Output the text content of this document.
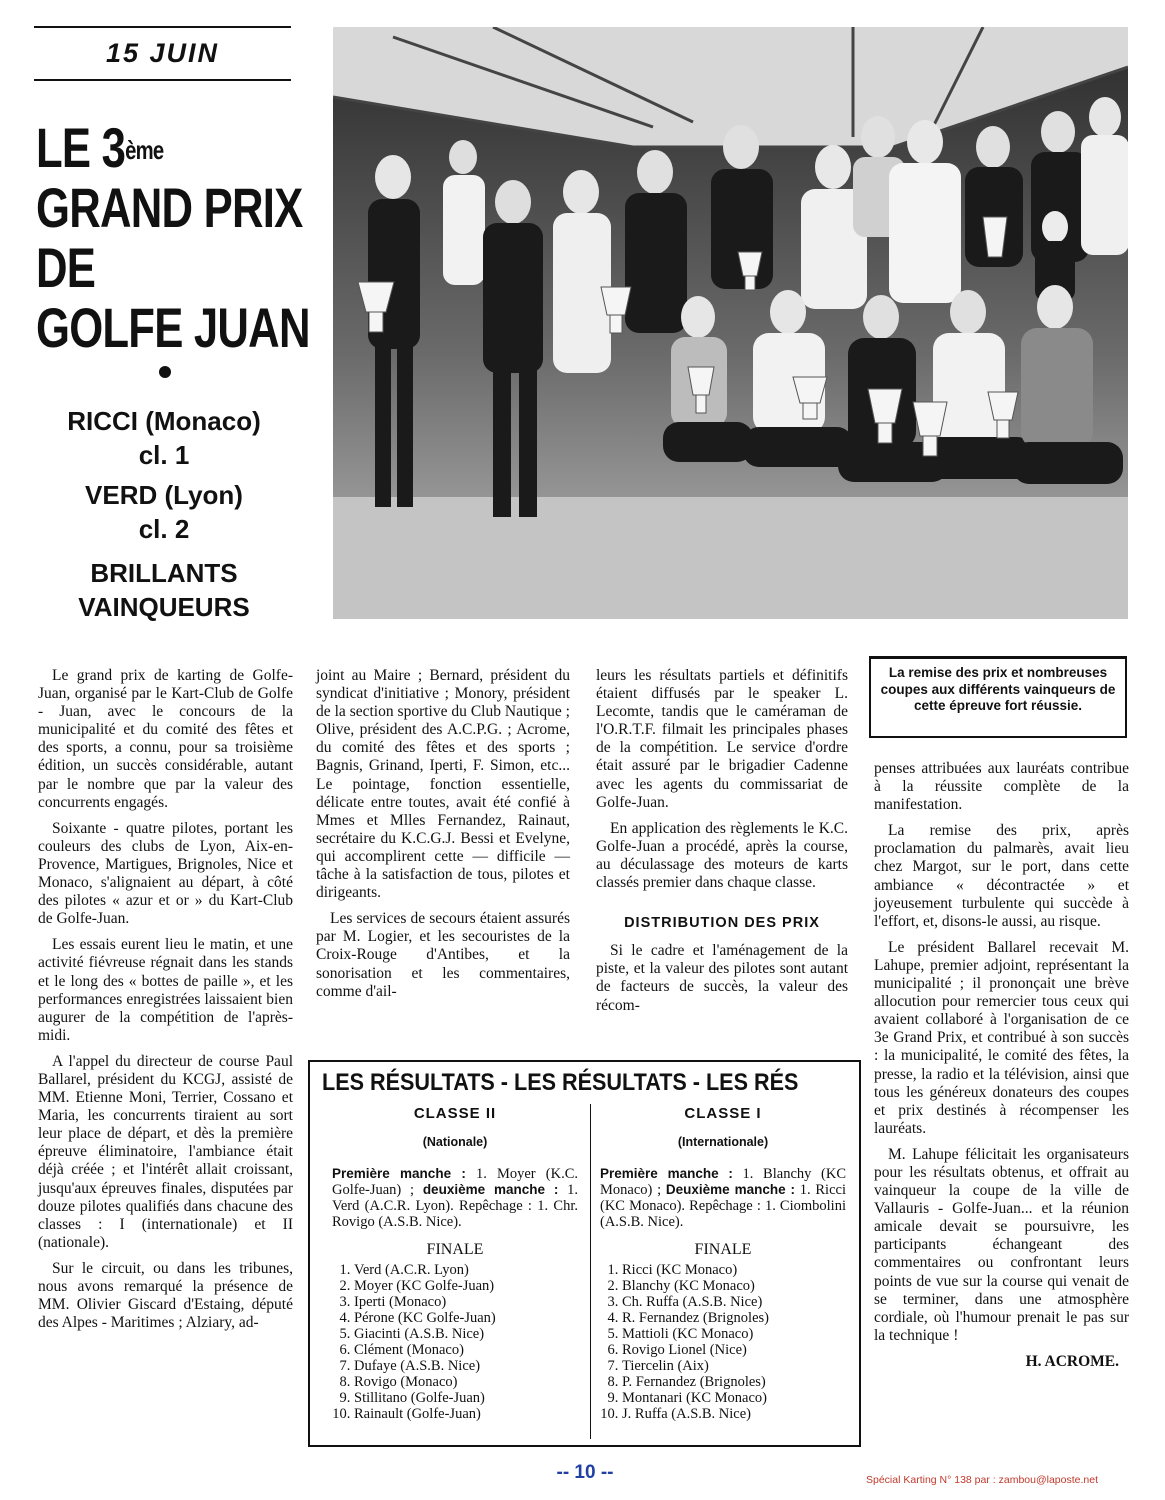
15 JUIN
LE 3ème
GRAND PRIX
DE
GOLFE JUAN
RICCI (Monaco)
cl. 1
VERD (Lyon)
cl. 2
BRILLANTS
VAINQUEURS

Le grand prix de karting de Golfe-Juan, organisé par le Kart-Club de Golfe - Juan, avec le concours de la municipalité et du comité des fêtes et des sports, a connu, pour sa troisième édition, un succès considérable, autant par le nombre que par la valeur des concurrents engagés.

Soixante - quatre pilotes, portant les couleurs des clubs de Lyon, Aix-en-Provence, Martigues, Brignoles, Nice et Monaco, s'alignaient au départ, à côté des pilotes « azur et or » du Kart-Club de Golfe-Juan.

Les essais eurent lieu le matin, et une activité fiévreuse régnait dans les stands et le long des « bottes de paille », et les performances enregistrées laissaient bien augurer de la compétition de l'après-midi.

A l'appel du directeur de course Paul Ballarel, président du KCGJ, assisté de MM. Etienne Moni, Terrier, Cossano et Maria, les concurrents tiraient au sort leur place de départ, et dès la première épreuve éliminatoire, l'ambiance était déjà créée ; et l'intérêt allait croissant, jusqu'aux épreuves finales, disputées par douze pilotes qualifiés dans chacune des classes : I (internationale) et II (nationale).

Sur le circuit, ou dans les tribunes, nous avons remarqué la présence de MM. Olivier Giscard d'Estaing, député des Alpes - Maritimes ; Alziary, ad-

joint au Maire ; Bernard, président du syndicat d'initiative ; Monory, président de la section sportive du Club Nautique ; Olive, président des A.C.P.G. ; Acrome, du comité des fêtes et des sports ; Bagnis, Grinand, Iperti, F. Simon, etc... Le pointage, fonction essentielle, délicate entre toutes, avait été confié à Mmes et Mlles Fernandez, Rainaut, secrétaire du K.C.G.J. Bessi et Evelyne, qui accomplirent cette — difficile — tâche à la satisfaction de tous, pilotes et dirigeants.

Les services de secours étaient assurés par M. Logier, et les secouristes de la Croix-Rouge d'Antibes, et la sonorisation et les commentaires, comme d'ail-

leurs les résultats partiels et définitifs étaient diffusés par le speaker L. Lecomte, tandis que le caméraman de l'O.R.T.F. filmait les principales phases de la compétition. Le service d'ordre était assuré par le brigadier Cadenne avec les agents du commissariat de Golfe-Juan.

En application des règlements le K.C. Golfe-Juan a procédé, après la course, au déculassage des moteurs de karts classés premier dans chaque classe.

DISTRIBUTION DES PRIX

Si le cadre et l'aménagement de la piste, et la valeur des pilotes sont autant de facteurs de succès, la valeur des récom-

La remise des prix et nombreuses coupes aux différents vainqueurs de cette épreuve fort réussie.

penses attribuées aux lauréats contribue à la réussite complète de la manifestation.

La remise des prix, après proclamation du palmarès, avait lieu chez Margot, sur le port, dans cette ambiance « décontractée » et joyeusement turbulente qui succède à l'effort, et, disons-le aussi, au risque.

Le président Ballarel recevait M. Lahupe, premier adjoint, représentant la municipalité ; il prononçait une brève allocution pour remercier tous ceux qui avaient collaboré à l'organisation de ce 3e Grand Prix, et contribué à son succès : la municipalité, le comité des fêtes, la presse, la radio et la télévision, ainsi que tous les généreux donateurs des coupes et prix destinés à récompenser les lauréats.

M. Lahupe félicitait les organisateurs pour les résultats obtenus, et offrait au vainqueur la coupe de la ville de Vallauris - Golfe-Juan... et la réunion amicale devait se poursuivre, les participants échangeant des commentaires ou confrontant leurs points de vue sur la course qui venait de se terminer, dans une atmosphère cordiale, où l'humour prenait le pas sur la technique !

H. ACROME.

LES RÉSULTATS - LES RÉSULTATS - LES RÉS

CLASSE II

(Nationale)

Première manche : 1. Moyer (K.C. Golfe-Juan) ; deuxième manche : 1. Verd (A.C.R. Lyon). Repêchage : 1. Chr. Rovigo (A.S.B. Nice).

FINALE

1. Verd (A.C.R. Lyon)
2. Moyer (KC Golfe-Juan)
3. Iperti (Monaco)
4. Pérone (KC Golfe-Juan)
5. Giacinti (A.S.B. Nice)
6. Clément (Monaco)
7. Dufaye (A.S.B. Nice)
8. Rovigo (Monaco)
9. Stillitano (Golfe-Juan)
10. Rainault (Golfe-Juan)

CLASSE I

(Internationale)

Première manche : 1. Blanchy (KC Monaco) ; Deuxième manche : 1. Ricci (KC Monaco). Repêchage : 1. Ciombolini (A.S.B. Nice).

FINALE

1. Ricci (KC Monaco)
2. Blanchy (KC Monaco)
3. Ch. Ruffa (A.S.B. Nice)
4. R. Fernandez (Brignoles)
5. Mattioli (KC Monaco)
6. Rovigo Lionel (Nice)
7. Tiercelin (Aix)
8. P. Fernandez (Brignoles)
9. Montanari (KC Monaco)
10. J. Ruffa (A.S.B. Nice)
-- 10 --	Spécial Karting N° 138 par : zambou@laposte.net
